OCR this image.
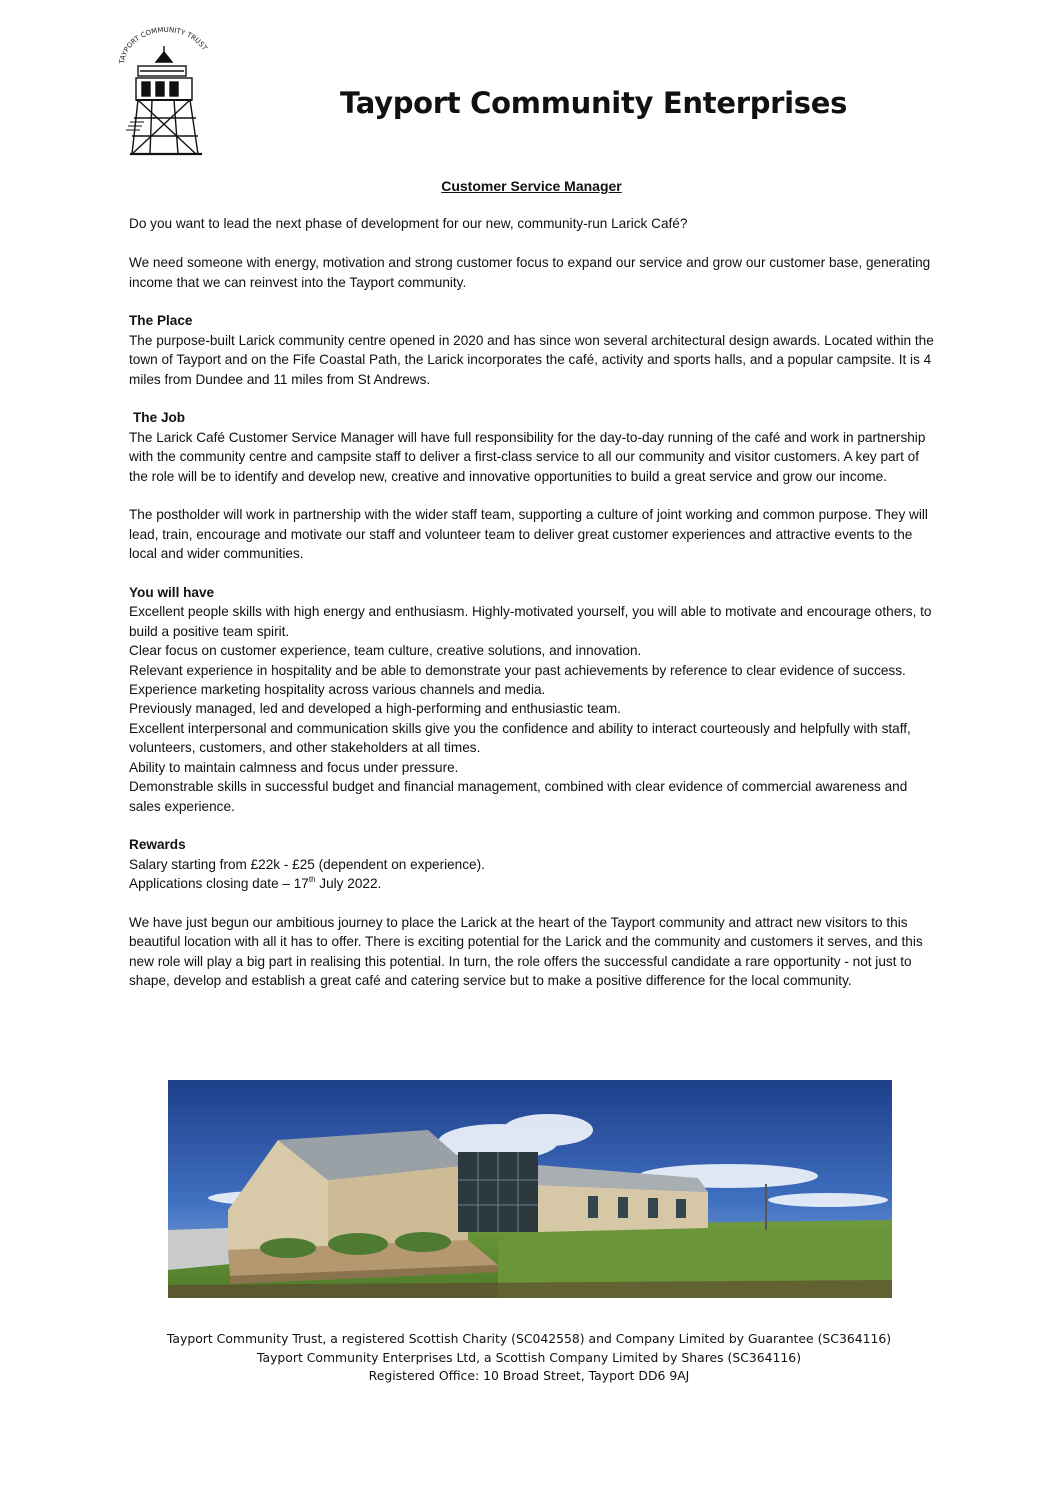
TAYPORT COMMUNITY TRUST
Tayport Community Enterprises
Customer Service Manager

Do you want to lead the next phase of development for our new, community-run Larick Café?

We need someone with energy, motivation and strong customer focus to expand our service and grow our customer base, generating income that we can reinvest into the Tayport community.

The Place

The purpose-built Larick community centre opened in 2020 and has since won several architectural design awards. Located within the town of Tayport and on the Fife Coastal Path, the Larick incorporates the café, activity and sports halls, and a popular campsite. It is 4 miles from Dundee and 11 miles from St Andrews.

The Job

The Larick Café Customer Service Manager will have full responsibility for the day-to-day running of the café and work in partnership with the community centre and campsite staff to deliver a first-class service to all our community and visitor customers. A key part of the role will be to identify and develop new, creative and innovative opportunities to build a great service and grow our income.

The postholder will work in partnership with the wider staff team, supporting a culture of joint working and common purpose. They will lead, train, encourage and motivate our staff and volunteer team to deliver great customer experiences and attractive events to the local and wider communities.

You will have
Excellent people skills with high energy and enthusiasm. Highly-motivated yourself, you will able to motivate and encourage others, to build a positive team spirit.
Clear focus on customer experience, team culture, creative solutions, and innovation.
Relevant experience in hospitality and be able to demonstrate your past achievements by reference to clear evidence of success.
Experience marketing hospitality across various channels and media.
Previously managed, led and developed a high-performing and enthusiastic team.
Excellent interpersonal and communication skills give you the confidence and ability to interact courteously and helpfully with staff, volunteers, customers, and other stakeholders at all times.
Ability to maintain calmness and focus under pressure.
Demonstrable skills in successful budget and financial management, combined with clear evidence of commercial awareness and sales experience.
Rewards
Salary starting from £22k - £25 (dependent on experience).
Applications closing date – 17th July 2022.

We have just begun our ambitious journey to place the Larick at the heart of the Tayport community and attract new visitors to this beautiful location with all it has to offer. There is exciting potential for the Larick and the community and customers it serves, and this new role will play a big part in realising this potential. In turn, the role offers the successful candidate a rare opportunity - not just to shape, develop and establish a great café and catering service but to make a positive difference for the local community.

Tayport Community Trust, a registered Scottish Charity (SC042558) and Company Limited by Guarantee (SC364116)
Tayport Community Enterprises Ltd, a Scottish Company Limited by Shares (SC364116)
Registered Office: 10 Broad Street, Tayport DD6 9AJ
